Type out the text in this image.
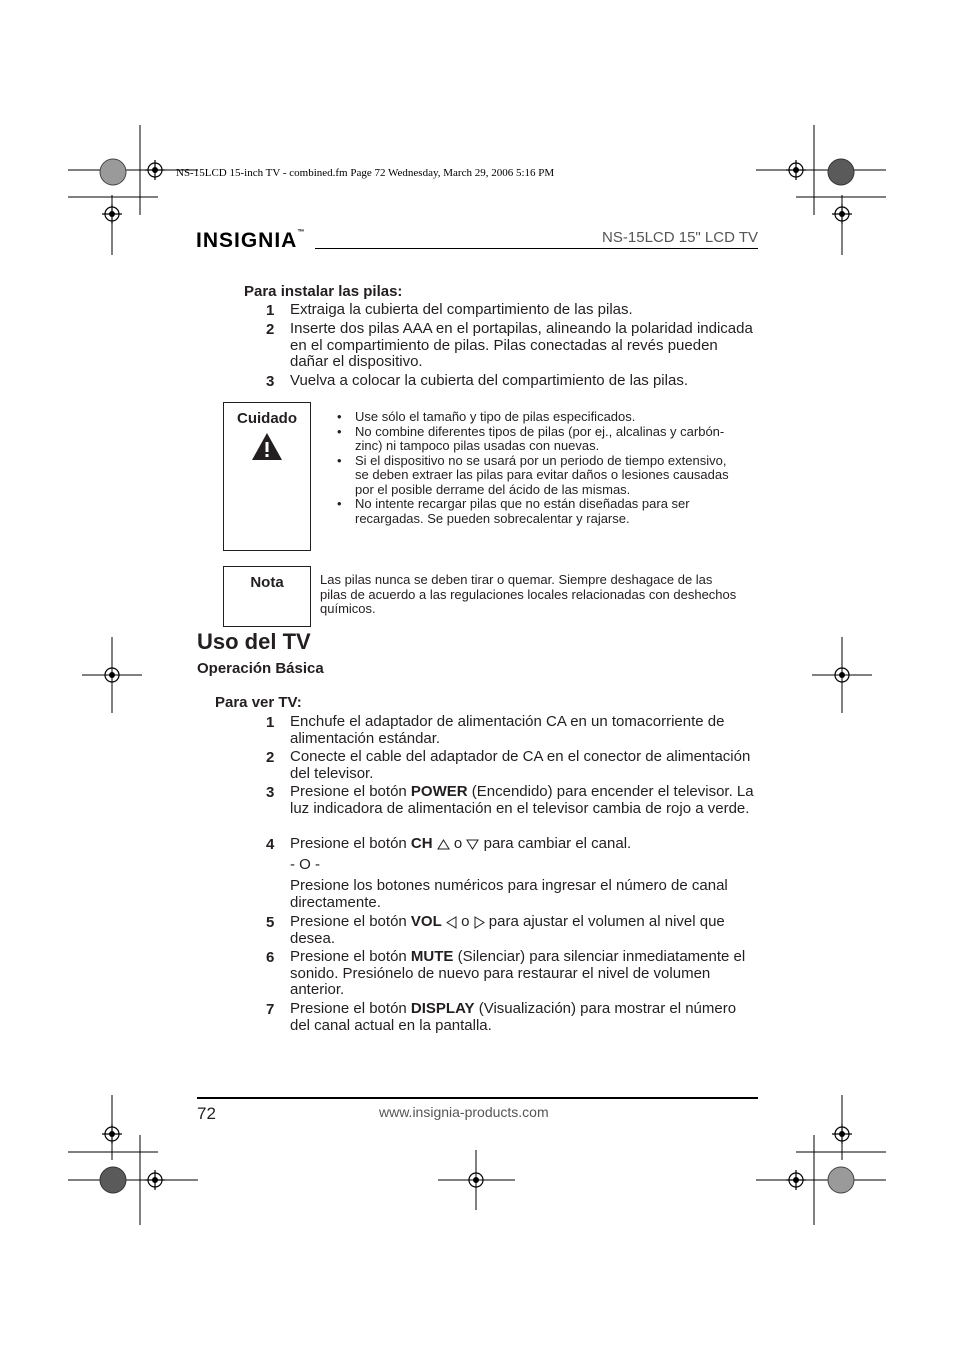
NS-15LCD 15-inch TV - combined.fm Page 72 Wednesday, March 29, 2006 5:16 PM
INSIGNIA™	NS-15LCD 15" LCD TV
Para instalar las pilas:
1	Extraiga la cubierta del compartimiento de las pilas.
2	Inserte dos pilas AAA en el portapilas, alineando la polaridad indicada en el compartimiento de pilas. Pilas conectadas al revés pueden dañar el dispositivo.
3	Vuelva a colocar la cubierta del compartimiento de las pilas.
Cuidado
•	Use sólo el tamaño y tipo de pilas especificados.
• No combine diferentes tipos de pilas (por ej., alcalinas y carbón-zinc) ni tampoco pilas usadas con nuevas.
• Si el dispositivo no se usará por un periodo de tiempo extensivo, se deben extraer las pilas para evitar daños o lesiones causadas por el posible derrame del ácido de las mismas.
• No intente recargar pilas que no están diseñadas para ser recargadas. Se pueden sobrecalentar y rajarse.
Nota	Las pilas nunca se deben tirar o quemar. Siempre deshagace de las pilas de acuerdo a las regulaciones locales relacionadas con deshechos químicos.
Uso del TV
Operación Básica
Para ver TV:
1	Enchufe el adaptador de alimentación CA en un tomacorriente de alimentación estándar.
2	Conecte el cable del adaptador de CA en el conector de alimentación del televisor.
3	Presione el botón POWER (Encendido) para encender el televisor. La luz indicadora de alimentación en el televisor cambia de rojo a verde.
4	Presione el botón CH  o  para cambiar el canal.
- O -
Presione los botones numéricos para ingresar el número de canal directamente.
5	Presione el botón VOL  o  para ajustar el volumen al nivel que desea.
6	Presione el botón MUTE (Silenciar) para silenciar inmediatamente el sonido. Presiónelo de nuevo para restaurar el nivel de volumen anterior.
7	Presione el botón DISPLAY (Visualización) para mostrar el número del canal actual en la pantalla.
72	www.insignia-products.com
